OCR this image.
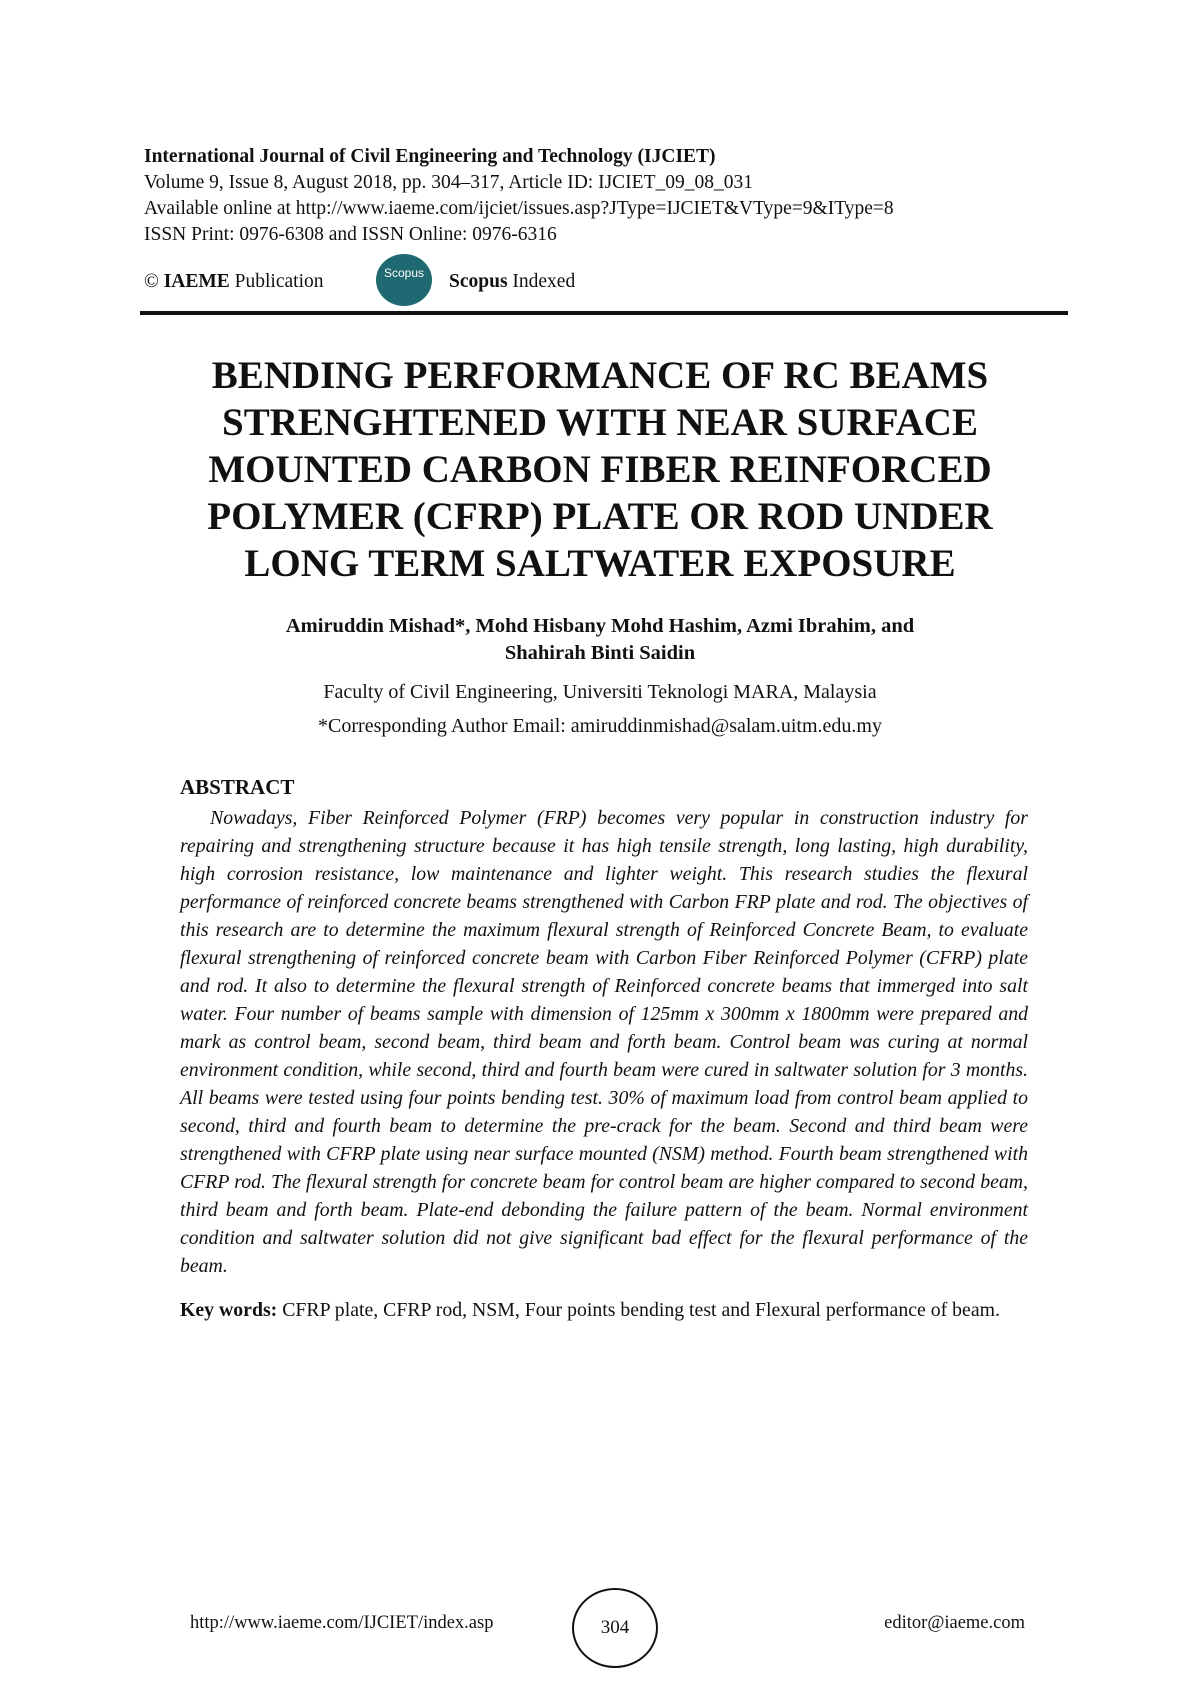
International Journal of Civil Engineering and Technology (IJCIET)
Volume 9, Issue 8, August 2018, pp. 304–317, Article ID: IJCIET_09_08_031
Available online at http://www.iaeme.com/ijciet/issues.asp?JType=IJCIET&VType=9&IType=8
ISSN Print: 0976-6308 and ISSN Online: 0976-6316
© IAEME Publication	Scopus Scopus Indexed
BENDING PERFORMANCE OF RC BEAMS
STRENGHTENED WITH NEAR SURFACE
MOUNTED CARBON FIBER REINFORCED
POLYMER (CFRP) PLATE OR ROD UNDER
LONG TERM SALTWATER EXPOSURE
Amiruddin Mishad*, Mohd Hisbany Mohd Hashim, Azmi Ibrahim, and
Shahirah Binti Saidin
Faculty of Civil Engineering, Universiti Teknologi MARA, Malaysia
*Corresponding Author Email: amiruddinmishad@salam.uitm.edu.my
ABSTRACT

Nowadays, Fiber Reinforced Polymer (FRP) becomes very popular in construction industry for repairing and strengthening structure because it has high tensile strength, long lasting, high durability, high corrosion resistance, low maintenance and lighter weight. This research studies the flexural performance of reinforced concrete beams strengthened with Carbon FRP plate and rod. The objectives of this research are to determine the maximum flexural strength of Reinforced Concrete Beam, to evaluate flexural strengthening of reinforced concrete beam with Carbon Fiber Reinforced Polymer (CFRP) plate and rod. It also to determine the flexural strength of Reinforced concrete beams that immerged into salt water. Four number of beams sample with dimension of 125mm x 300mm x 1800mm were prepared and mark as control beam, second beam, third beam and forth beam. Control beam was curing at normal environment condition, while second, third and fourth beam were cured in saltwater solution for 3 months. All beams were tested using four points bending test. 30% of maximum load from control beam applied to second, third and fourth beam to determine the pre-crack for the beam. Second and third beam were strengthened with CFRP plate using near surface mounted (NSM) method. Fourth beam strengthened with CFRP rod. The flexural strength for concrete beam for control beam are higher compared to second beam, third beam and forth beam. Plate-end debonding the failure pattern of the beam. Normal environment condition and saltwater solution did not give significant bad effect for the flexural performance of the beam.

Key words: CFRP plate, CFRP rod, NSM, Four points bending test and Flexural performance of beam.

http://www.iaeme.com/IJCIET/index.asp	304	editor@iaeme.com
